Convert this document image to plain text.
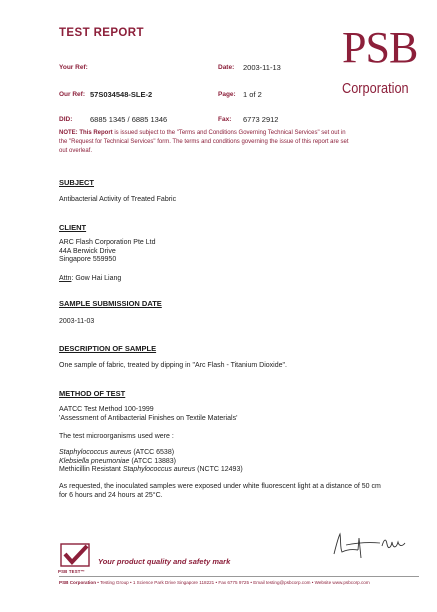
TEST REPORT	PSB
Corporation
Your Ref:	Date: 2003-11-13
Our Ref: 57S034548-SLE-2	Page: 1 of 2
DID: 6885 1345 / 6885 1346	Fax: 6773 2912
NOTE: This Report is issued subject to the "Terms and Conditions Governing Technical Services" set out in
the "Request for Technical Services" form. The terms and conditions governing the issue of this report are set
out overleaf.
SUBJECT
Antibacterial Activity of Treated Fabric
CLIENT
ARC Flash Corporation Pte Ltd
44A Berwick Drive
Singapore 559950
Attn: Gow Hai Liang
SAMPLE SUBMISSION DATE
2003-11-03
DESCRIPTION OF SAMPLE
One sample of fabric, treated by dipping in "Arc Flash - Titanium Dioxide".
METHOD OF TEST
AATCC Test Method 100-1999
'Assessment of Antibacterial Finishes on Textile Materials'
The test microorganisms used were :
Staphylococcus aureus (ATCC 6538)
Klebsiella pneumoniae (ATCC 13883)
Methicillin Resistant Staphylococcus aureus (NCTC 12493)
As requested, the inoculated samples were exposed under white fluorescent light at a distance of 50 cm
for 6 hours and 24 hours at 25°C.
PSB TEST™
Your product quality and safety mark
PSB Corporation • Testing Group • 1 Science Park Drive Singapore 118221 • Fax 6775 9725 • Email testing@psbcorp.com • Website www.psbcorp.com
